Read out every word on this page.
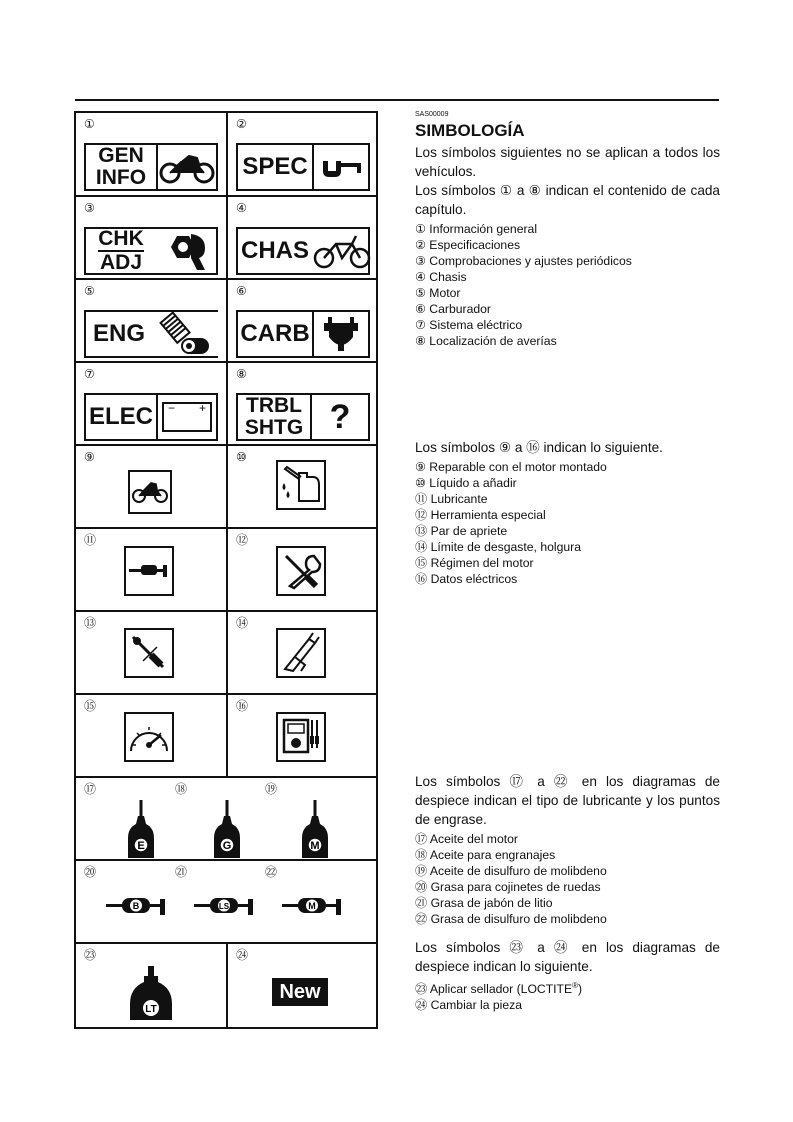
①
GEN
INFO
②
SPEC
③
CHK
ADJ
④
CHAS
⑤
ENG
⑥
CARB
⑦
ELEC − +
⑧
TRBL
SHTG ?
⑨	⑩
⑪	⑫
⑬	⑭
⑮	⑯
⑰	⑱	⑲
E	G	M
⑳	㉑	㉒
B	LS	M
㉓
LT
㉔
New
SAS00009
SIMBOLOGÍA

Los símbolos siguientes no se aplican a todos los vehículos.

Los símbolos ① a ⑧ indican el contenido de cada capítulo.

① Información general
② Especificaciones
③ Comprobaciones y ajustes periódicos
④ Chasis
⑤ Motor
⑥ Carburador
⑦ Sistema eléctrico
⑧ Localización de averías

Los símbolos ⑨ a ⑯ indican lo siguiente.

⑨ Reparable con el motor montado
⑩ Líquido a añadir
⑪ Lubricante
⑫ Herramienta especial
⑬ Par de apriete
⑭ Límite de desgaste, holgura
⑮ Régimen del motor
⑯ Datos eléctricos

Los símbolos ⑰ a ㉒ en los diagramas de despiece indican el tipo de lubricante y los puntos de engrase.

⑰ Aceite del motor
⑱ Aceite para engranajes
⑲ Aceite de disulfuro de molibdeno
⑳ Grasa para cojinetes de ruedas
㉑ Grasa de jabón de litio
㉒ Grasa de disulfuro de molibdeno

Los símbolos ㉓ a ㉔ en los diagramas de despiece indican lo siguiente.

㉓ Aplicar sellador (LOCTITE®)
㉔ Cambiar la pieza
